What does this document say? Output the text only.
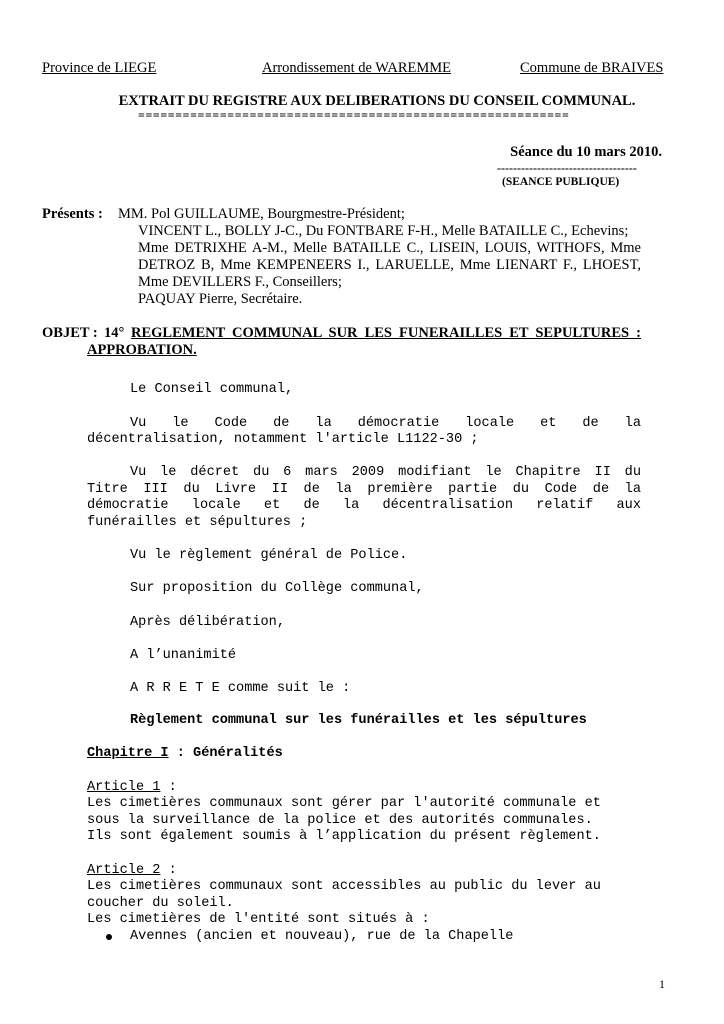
Province de LIEGE	Arrondissement de WAREMME	Commune de BRAIVES
EXTRAIT DU REGISTRE AUX DELIBERATIONS DU CONSEIL COMMUNAL.
==========================================================
Séance du 10 mars 2010.
-----------------------------------
(SEANCE PUBLIQUE)
Présents : MM. Pol GUILLAUME, Bourgmestre-Président;
VINCENT L., BOLLY J-C., Du FONTBARE F-H., Melle BATAILLE C., Echevins;
Mme DETRIXHE A-M., Melle BATAILLE C., LISEIN, LOUIS, WITHOFS, Mme
DETROZ B, Mme KEMPENEERS I., LARUELLE, Mme LIENART F., LHOEST,
Mme DEVILLERS F., Conseillers;
PAQUAY Pierre, Secrétaire.
OBJET : 14° REGLEMENT COMMUNAL SUR LES FUNERAILLES ET SEPULTURES :
APPROBATION.
Le Conseil communal,
Vu le Code de la démocratie locale et de la
décentralisation, notamment l'article L1122-30 ;
Vu le décret du 6 mars 2009 modifiant le Chapitre II du
Titre III du Livre II de la première partie du Code de la
démocratie locale et de la décentralisation relatif aux
funérailles et sépultures ;
Vu le règlement général de Police.
Sur proposition du Collège communal,
Après délibération,
A l’unanimité
A R R E T E comme suit le :
Règlement communal sur les funérailles et les sépultures
Chapitre I : Généralités
Article 1 :
Les cimetières communaux sont gérer par l'autorité communale et
sous la surveillance de la police et des autorités communales.
Ils sont également soumis à l’application du présent règlement.
Article 2 :
Les cimetières communaux sont accessibles au public du lever au
coucher du soleil.
Les cimetières de l'entité sont situés à :
Avennes (ancien et nouveau), rue de la Chapelle
1
